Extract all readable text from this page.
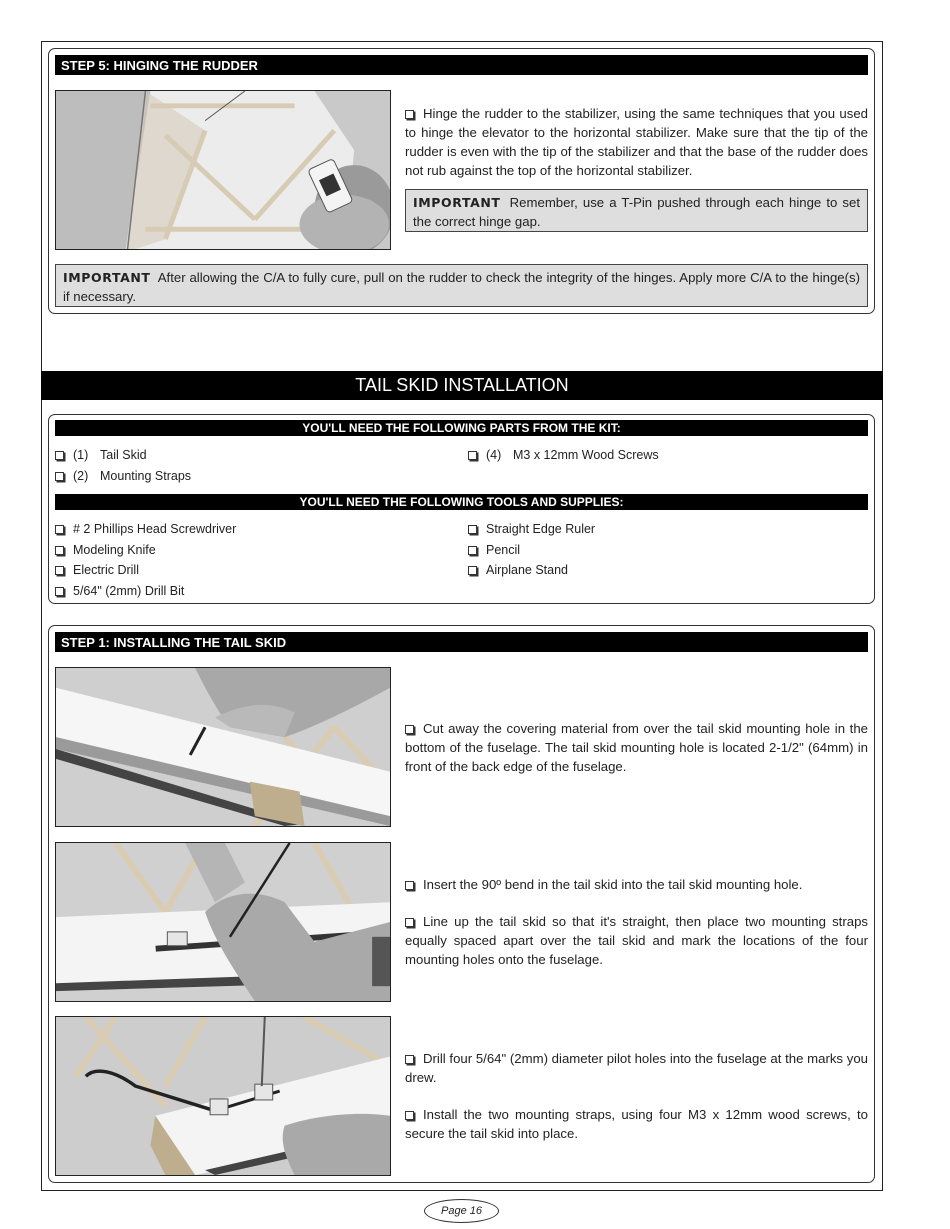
STEP 5: HINGING THE RUDDER

Hinge the rudder to the stabilizer, using the same techniques that you used to hinge the elevator to the horizontal stabilizer. Make sure that the tip of the rudder is even with the tip of the stabilizer and that the base of the rudder does not rub against the top of the horizontal stabilizer.

IMPORTANT Remember, use a T-Pin pushed through each hinge to set the correct hinge gap.
IMPORTANT After allowing the C/A to fully cure, pull on the rudder to check the integrity of the hinges. Apply more C/A to the hinge(s) if necessary.
TAIL SKID INSTALLATION
YOU'LL NEED THE FOLLOWING PARTS FROM THE KIT:
(1) Tail Skid
(2) Mounting Straps
(4) M3 x 12mm Wood Screws
YOU'LL NEED THE FOLLOWING TOOLS AND SUPPLIES:
# 2 Phillips Head Screwdriver
Modeling Knife
Electric Drill
5/64" (2mm) Drill Bit
Straight Edge Ruler
Pencil
Airplane Stand
STEP 1: INSTALLING THE TAIL SKID

Cut away the covering material from over the tail skid mounting hole in the bottom of the fuselage. The tail skid mounting hole is located 2-1/2" (64mm) in front of the back edge of the fuselage.

Insert the 90º bend in the tail skid into the tail skid mounting hole.

Line up the tail skid so that it's straight, then place two mounting straps equally spaced apart over the tail skid and mark the locations of the four mounting holes onto the fuselage.

Drill four 5/64" (2mm) diameter pilot holes into the fuselage at the marks you drew.

Install the two mounting straps, using four M3 x 12mm wood screws, to secure the tail skid into place.

Page 16
